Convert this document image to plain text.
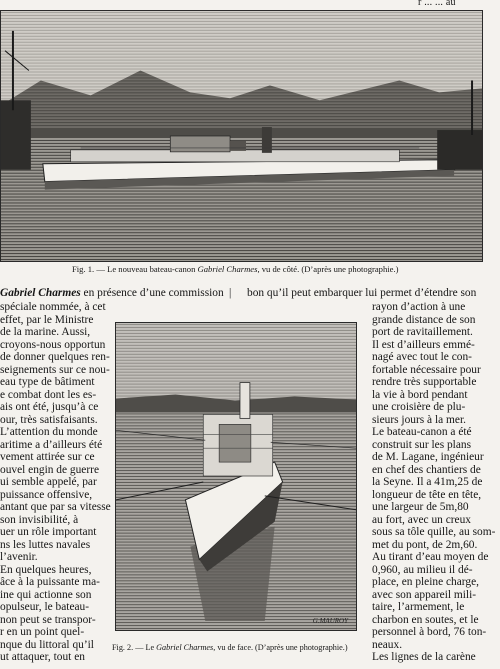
r ... ... au
Fig. 1. — Le nouveau bateau-canon Gabriel Charmes, vu de côté. (D’après une photographie.)
Gabriel Charmes en présence d’une commission | bon qu’il peut embarquer lui permet d’étendre son
spéciale nommée, à cet
effet, par le Ministre
de la marine. Aussi,
croyons-nous opportun
de donner quelques ren-
seignements sur ce nou-
eau type de bâtiment
e combat dont les es-
ais ont été, jusqu’à ce
our, très satisfaisants.
L’attention du monde
aritime a d’ailleurs été
vement attirée sur ce
ouvel engin de guerre
ui semble appelé, par
puissance offensive,
antant que par sa vitesse
son invisibilité, à
uer un rôle important
ns les luttes navales
l’avenir.
En quelques heures,
âce à la puissante ma-
ine qui actionne son
opulseur, le bateau-
non peut se transpor-
r en un point quel-
nque du littoral qu’il
ut attaquer, tout en
rayon d’action à une
grande distance de son
port de ravitaillement.
Il est d’ailleurs emmé-
nagé avec tout le con-
fortable nécessaire pour
rendre très supportable
la vie à bord pendant
une croisière de plu-
sieurs jours à la mer.
Le bateau-canon a été
construit sur les plans
de M. Lagane, ingénieur
en chef des chantiers de
la Seyne. Il a 41m,25 de
longueur de tête en tête,
une largeur de 5m,80
au fort, avec un creux
sous sa tôle quille, au som-
met du pont, de 2m,60.
Au tirant d’eau moyen de
0,960, au milieu il dé-
place, en pleine charge,
avec son appareil mili-
taire, l’armement, le
charbon en soutes, et le
personnel à bord, 76 ton-
neaux.
Les lignes de la carène
G.MAUROY
Fig. 2. — Le Gabriel Charmes, vu de face. (D’après une photographie.)
